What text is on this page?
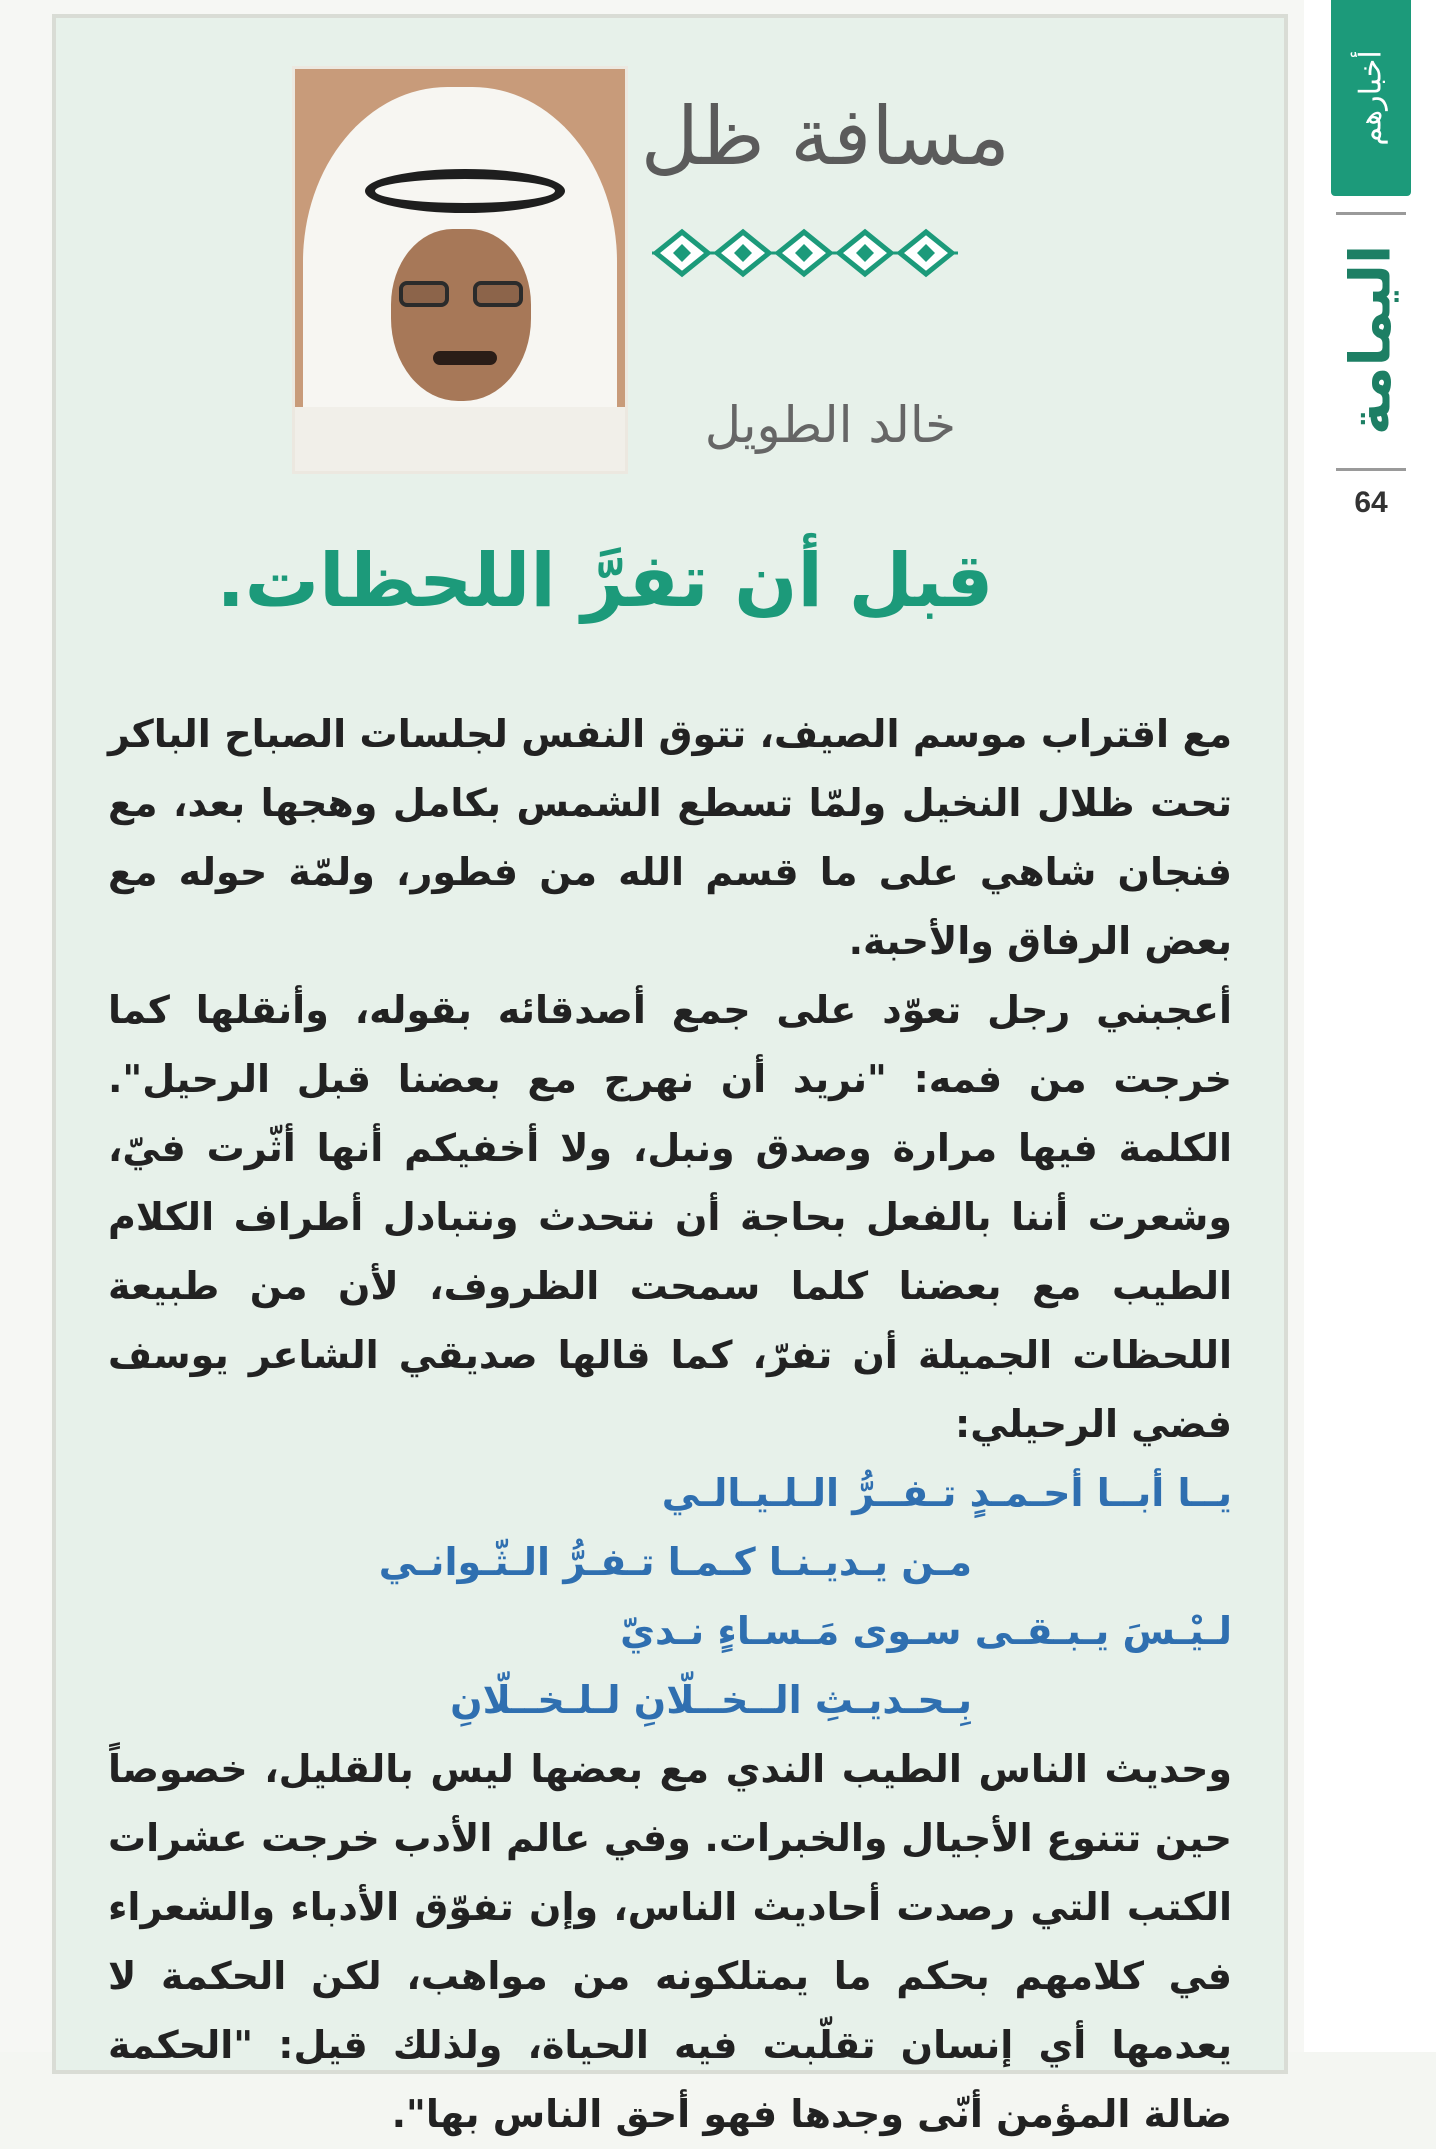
أخبارهم
اليمامة
64
مسافة ظل
خالد الطويل
قبل أن تفرَّ اللحظات.

مع اقتراب موسم الصيف، تتوق النفس لجلسات الصباح الباكر تحت ظلال النخيل ولمّا تسطع الشمس بكامل وهجها بعد، مع فنجان شاهي على ما قسم الله من فطور، ولمّة حوله مع بعض الرفاق والأحبة.

أعجبني رجل تعوّد على جمع أصدقائه بقوله، وأنقلها كما خرجت من فمه: "نريد أن نهرج مع بعضنا قبل الرحيل". الكلمة فيها مرارة وصدق ونبل، ولا أخفيكم أنها أثّرت فيّ، وشعرت أننا بالفعل بحاجة أن نتحدث ونتبادل أطراف الكلام الطيب مع بعضنا كلما سمحت الظروف، لأن من طبيعة اللحظات الجميلة أن تفرّ، كما قالها صديقي الشاعر يوسف فضي الرحيلي:

يــا أبــا أحـمـدٍ تـفــرُّ الـلـيـالـي
مـن يـديـنـا كـمـا تـفـرُّ الـثّـوانـي
لـيْـسَ يـبـقـى سـوى مَـسـاءٍ نـديّ
بِـحـديـثِ الــخــلّانِ لـلـخــلّانِ

وحديث الناس الطيب الندي مع بعضها ليس بالقليل، خصوصاً حين تتنوع الأجيال والخبرات. وفي عالم الأدب خرجت عشرات الكتب التي رصدت أحاديث الناس، وإن تفوّق الأدباء والشعراء في كلامهم بحكم ما يمتلكونه من مواهب، لكن الحكمة لا يعدمها أي إنسان تقلّبت فيه الحياة، ولذلك قيل: "الحكمة ضالة المؤمن أنّى وجدها فهو أحق الناس بها".
